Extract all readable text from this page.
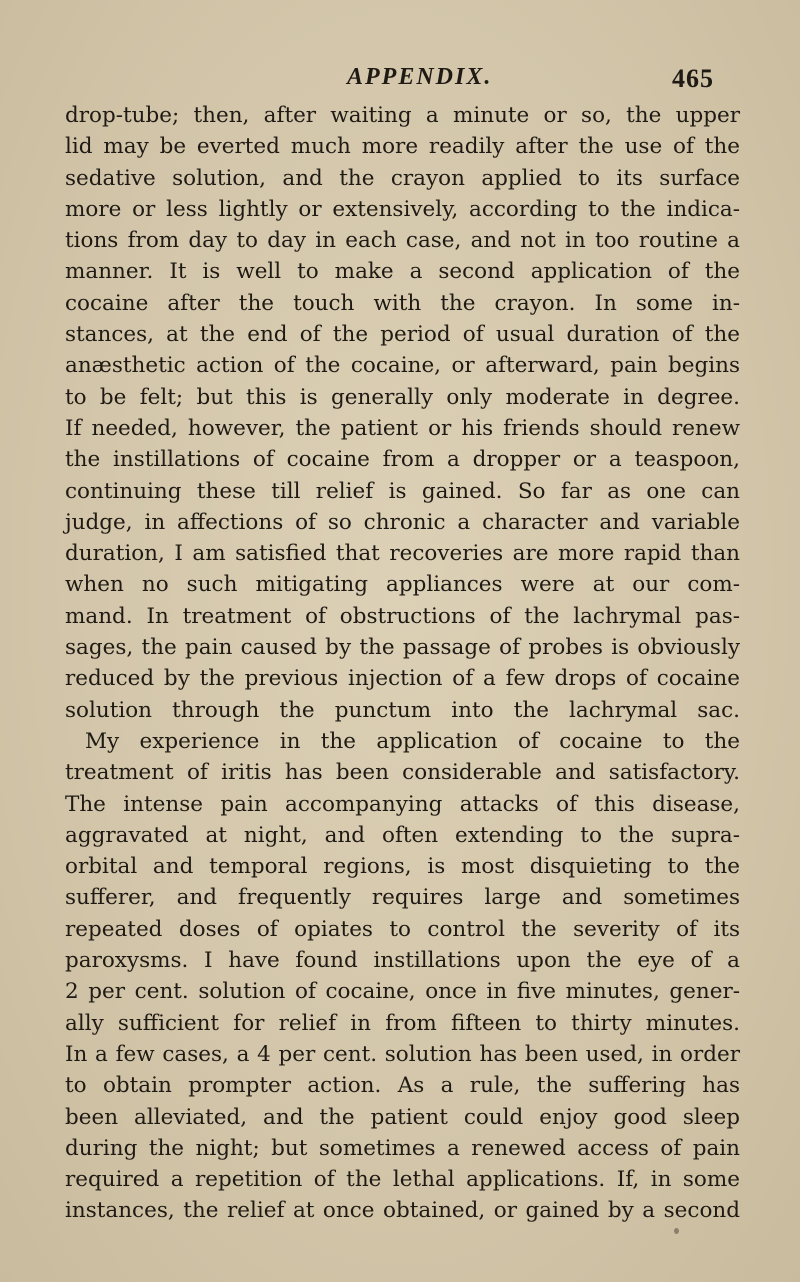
APPENDIX.	465
drop-tube; then, after waiting a minute or so, the upper
lid may be everted much more readily after the use of the
sedative solution, and the crayon applied to its surface
more or less lightly or extensively, according to the indica-
tions from day to day in each case, and not in too routine a
manner. It is well to make a second application of the
cocaine after the touch with the crayon. In some in-
stances, at the end of the period of usual duration of the
anæsthetic action of the cocaine, or afterward, pain begins
to be felt; but this is generally only moderate in degree.
If needed, however, the patient or his friends should renew
the instillations of cocaine from a dropper or a teaspoon,
continuing these till relief is gained. So far as one can
judge, in affections of so chronic a character and variable
duration, I am satisfied that recoveries are more rapid than
when no such mitigating appliances were at our com-
mand. In treatment of obstructions of the lachrymal pas-
sages, the pain caused by the passage of probes is obviously
reduced by the previous injection of a few drops of cocaine
solution through the punctum into the lachrymal sac.
My experience in the application of cocaine to the
treatment of iritis has been considerable and satisfactory.
The intense pain accompanying attacks of this disease,
aggravated at night, and often extending to the supra-
orbital and temporal regions, is most disquieting to the
sufferer, and frequently requires large and sometimes
repeated doses of opiates to control the severity of its
paroxysms. I have found instillations upon the eye of a
2 per cent. solution of cocaine, once in five minutes, gener-
ally sufficient for relief in from fifteen to thirty minutes.
In a few cases, a 4 per cent. solution has been used, in order
to obtain prompter action. As a rule, the suffering has
been alleviated, and the patient could enjoy good sleep
during the night; but sometimes a renewed access of pain
required a repetition of the lethal applications. If, in some
instances, the relief at once obtained, or gained by a second
